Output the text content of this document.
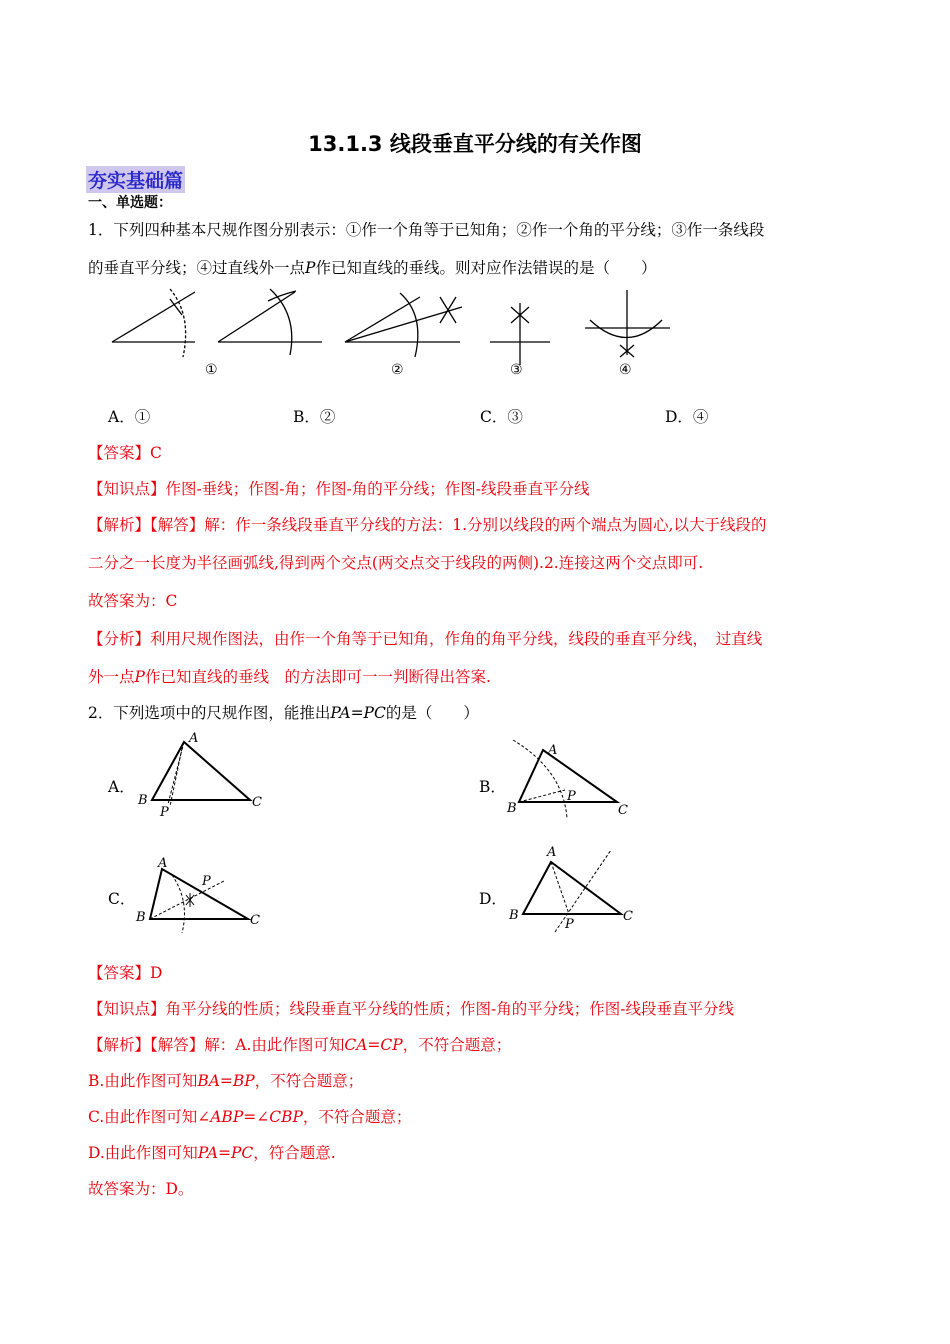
13.1.3 线段垂直平分线的有关作图
夯实基础篇
一、单选题：
1．下列四种基本尺规作图分别表示：①作一个角等于已知角；②作一个角的平分线；③作一条线段
的垂直平分线；④过直线外一点P作已知直线的垂线。则对应作法错误的是（　　）
①	②	③	④
A．①	B．②	C．③	D．④
【答案】C
【知识点】作图-垂线；作图-角；作图-角的平分线；作图-线段垂直平分线
【解析】【解答】解：作一条线段垂直平分线的方法：1.分别以线段的两个端点为圆心,以大于线段的
二分之一长度为半径画弧线,得到两个交点(两交点交于线段的两侧).2.连接这两个交点即可.
故答案为：C
【分析】利用尺规作图法，由作一个角等于已知角，作角的角平分线，线段的垂直平分线，　过直线
外一点P作已知直线的垂线　的方法即可一一判断得出答案.
2．下列选项中的尺规作图，能推出PA=PC的是（　　）
A．
A
B	C
P
B．
A
B	C
P
C．
A
B	C
P
D．
A
B	C
P
【答案】D
【知识点】角平分线的性质；线段垂直平分线的性质；作图-角的平分线；作图-线段垂直平分线
【解析】【解答】解：A.由此作图可知CA=CP，不符合题意；
B.由此作图可知BA=BP，不符合题意；
C.由此作图可知∠ABP=∠CBP，不符合题意；
D.由此作图可知PA=PC，符合题意.
故答案为：D。
